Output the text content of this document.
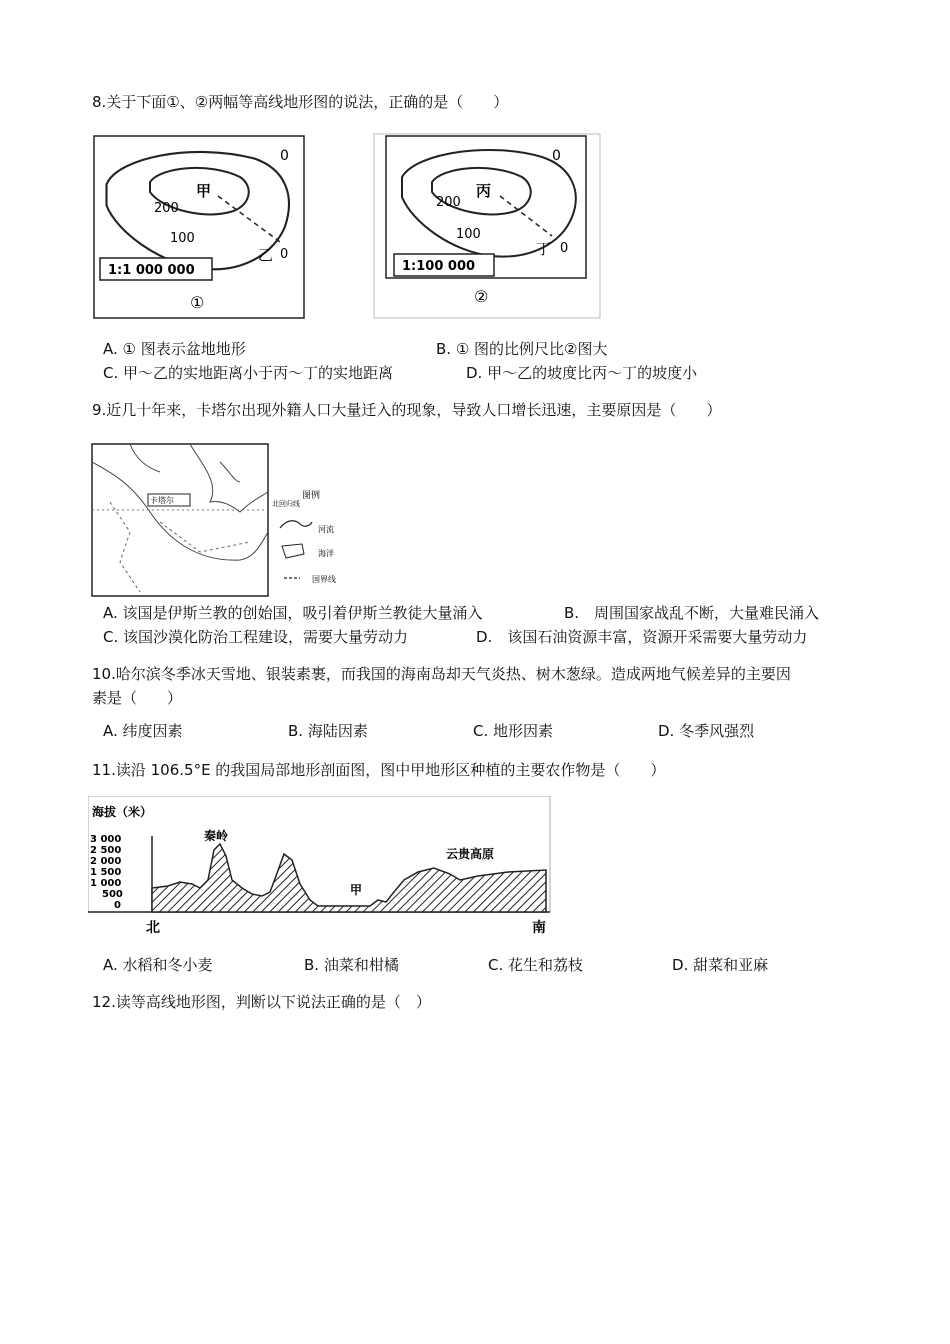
8.关于下面①、②两幅等高线地形图的说法，正确的是（　　）
0
200
甲
100
乙 0
1:1 000 000
①
0
200
丙
100
丁 0
1:100 000
②
A. ① 图表示盆地地形	B. ① 图的比例尺比②图大
C. 甲～乙的实地距离小于丙～丁的实地距离	D. 甲～乙的坡度比丙～丁的坡度小
9.近几十年来，卡塔尔出现外籍人口大量迁入的现象，导致人口增长迅速，主要原因是（　　）
卡塔尔	北回归线
图例
河流
海洋
国界线
A. 该国是伊斯兰教的创始国，吸引着伊斯兰教徒大量涌入	B.　周围国家战乱不断，大量难民涌入
C. 该国沙漠化防治工程建设，需要大量劳动力	D.　该国石油资源丰富，资源开采需要大量劳动力
10.哈尔滨冬季冰天雪地、银装素裹，而我国的海南岛却天气炎热、树木葱绿。造成两地气候差异的主要因
素是（　　）
A. 纬度因素	B. 海陆因素	C. 地形因素	D. 冬季风强烈
11.读沿 106.5°E 的我国局部地形剖面图，图中甲地形区种植的主要农作物是（　　）
海拔（米）
3 000
2 500
2 000
1 500
1 000
500
0
秦岭
云贵高原
甲
北	南
A. 水稻和冬小麦	B. 油菜和柑橘	C. 花生和荔枝	D. 甜菜和亚麻
12.读等高线地形图，判断以下说法正确的是（　）
